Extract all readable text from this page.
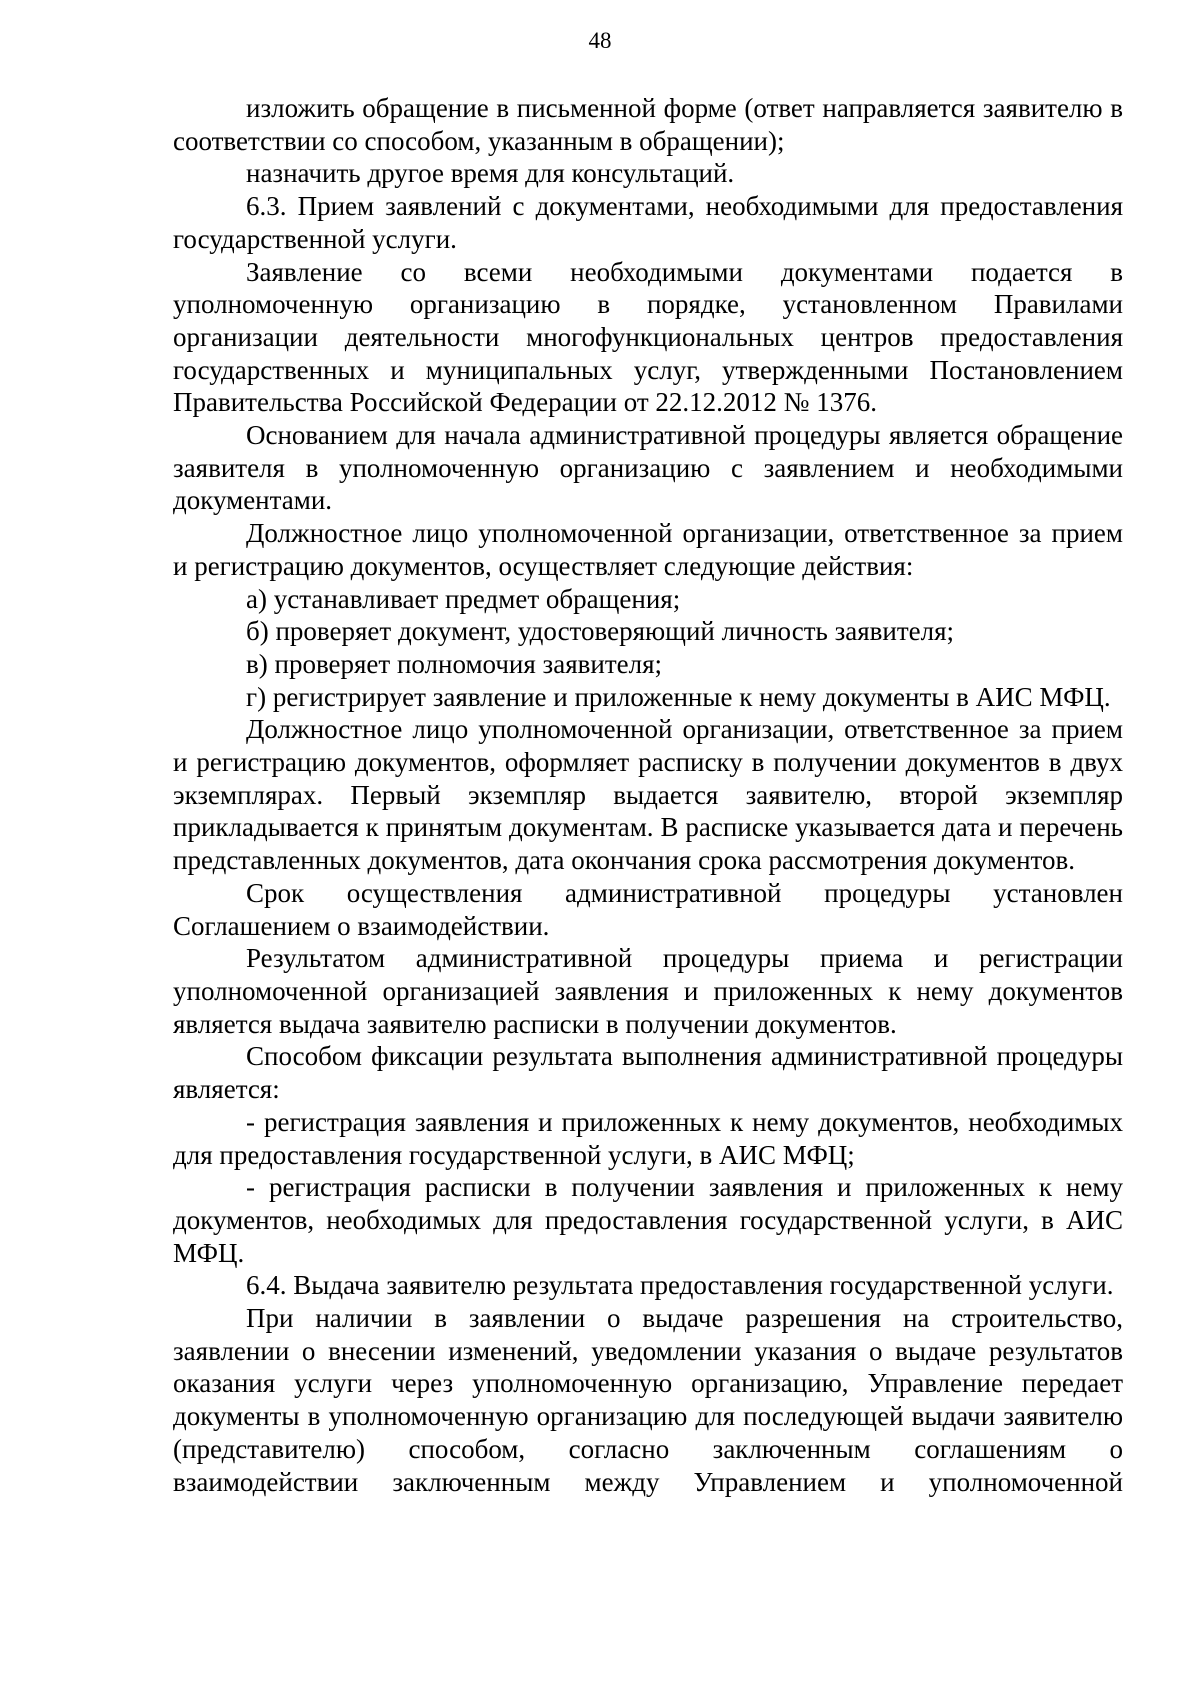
48

изложить обращение в письменной форме (ответ направляется заявителю в соответствии со способом, указанным в обращении);

назначить другое время для консультаций.

6.3. Прием заявлений с документами, необходимыми для предоставления государственной услуги.

Заявление со всеми необходимыми документами подается в уполномоченную организацию в порядке, установленном Правилами организации деятельности многофункциональных центров предоставления государственных и муниципальных услуг, утвержденными Постановлением Правительства Российской Федерации от 22.12.2012 № 1376.

Основанием для начала административной процедуры является обращение заявителя в уполномоченную организацию с заявлением и необходимыми документами.

Должностное лицо уполномоченной организации, ответственное за прием и регистрацию документов, осуществляет следующие действия:

а) устанавливает предмет обращения;

б) проверяет документ, удостоверяющий личность заявителя;

в) проверяет полномочия заявителя;

г) регистрирует заявление и приложенные к нему документы в АИС МФЦ.

Должностное лицо уполномоченной организации, ответственное за прием и регистрацию документов, оформляет расписку в получении документов в двух экземплярах. Первый экземпляр выдается заявителю, второй экземпляр прикладывается к принятым документам. В расписке указывается дата и перечень представленных документов, дата окончания срока рассмотрения документов.

Срок осуществления административной процедуры установлен Соглашением о взаимодействии.

Результатом административной процедуры приема и регистрации уполномоченной организацией заявления и приложенных к нему документов является выдача заявителю расписки в получении документов.

Способом фиксации результата выполнения административной процедуры является:

- регистрация заявления и приложенных к нему документов, необходимых для предоставления государственной услуги, в АИС МФЦ;

- регистрация расписки в получении заявления и приложенных к нему документов, необходимых для предоставления государственной услуги, в АИС МФЦ.

6.4. Выдача заявителю результата предоставления государственной услуги.

При наличии в заявлении о выдаче разрешения на строительство, заявлении о внесении изменений, уведомлении указания о выдаче результатов оказания услуги через уполномоченную организацию, Управление передает документы в уполномоченную организацию для последующей выдачи заявителю (представителю) способом, согласно заключенным соглашениям о взаимодействии заключенным между Управлением и уполномоченной
